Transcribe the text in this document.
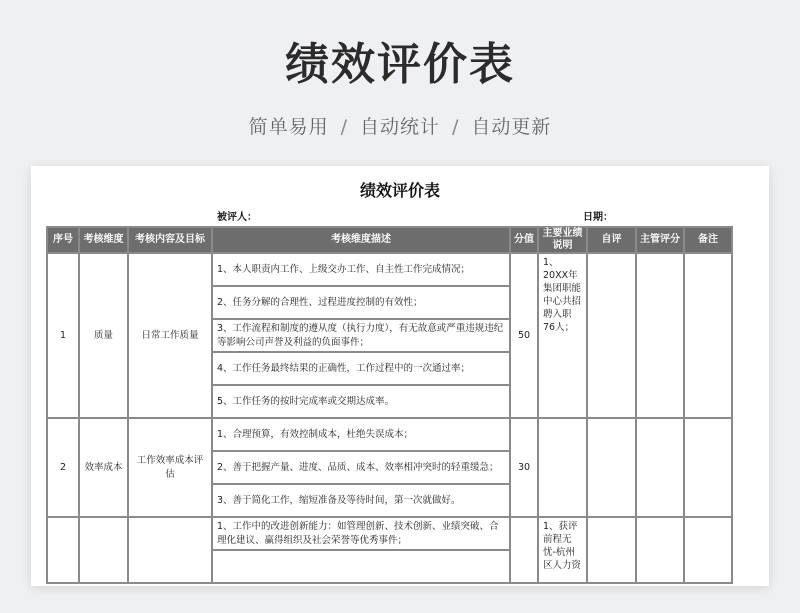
绩效评价表
简单易用 / 自动统计 / 自动更新
绩效评价表
被评人：	日期：
序号	考核维度	考核内容及目标	考核维度描述	分值	主要业绩说明	自评	主管评分	备注
1	质量	日常工作质量	1、本人职责内工作、上级交办工作、自主性工作完成情况；	50	1、20XX年集团职能中心共招聘入职76人；			
			2、任务分解的合理性、过程进度控制的有效性；					
			3、工作流程和制度的遵从度（执行力度），有无故意或严重违规违纪等影响公司声誉及利益的负面事件；					
			4、工作任务最终结果的正确性，工作过程中的一次通过率；					
			5、工作任务的按时完成率或交期达成率。					
2	效率成本	工作效率成本评估	1、合理预算，有效控制成本，杜绝失误成本；	30				
			2、善于把握产量、进度、品质、成本、效率相冲突时的轻重缓急；					
			3、善于简化工作，缩短准备及等待时间，第一次就做好。					
			1、工作中的改进创新能力：如管理创新、技术创新、业绩突破、合理化建议、赢得组织及社会荣誉等优秀事件；		1、获评前程无忧-杭州区人力资			
